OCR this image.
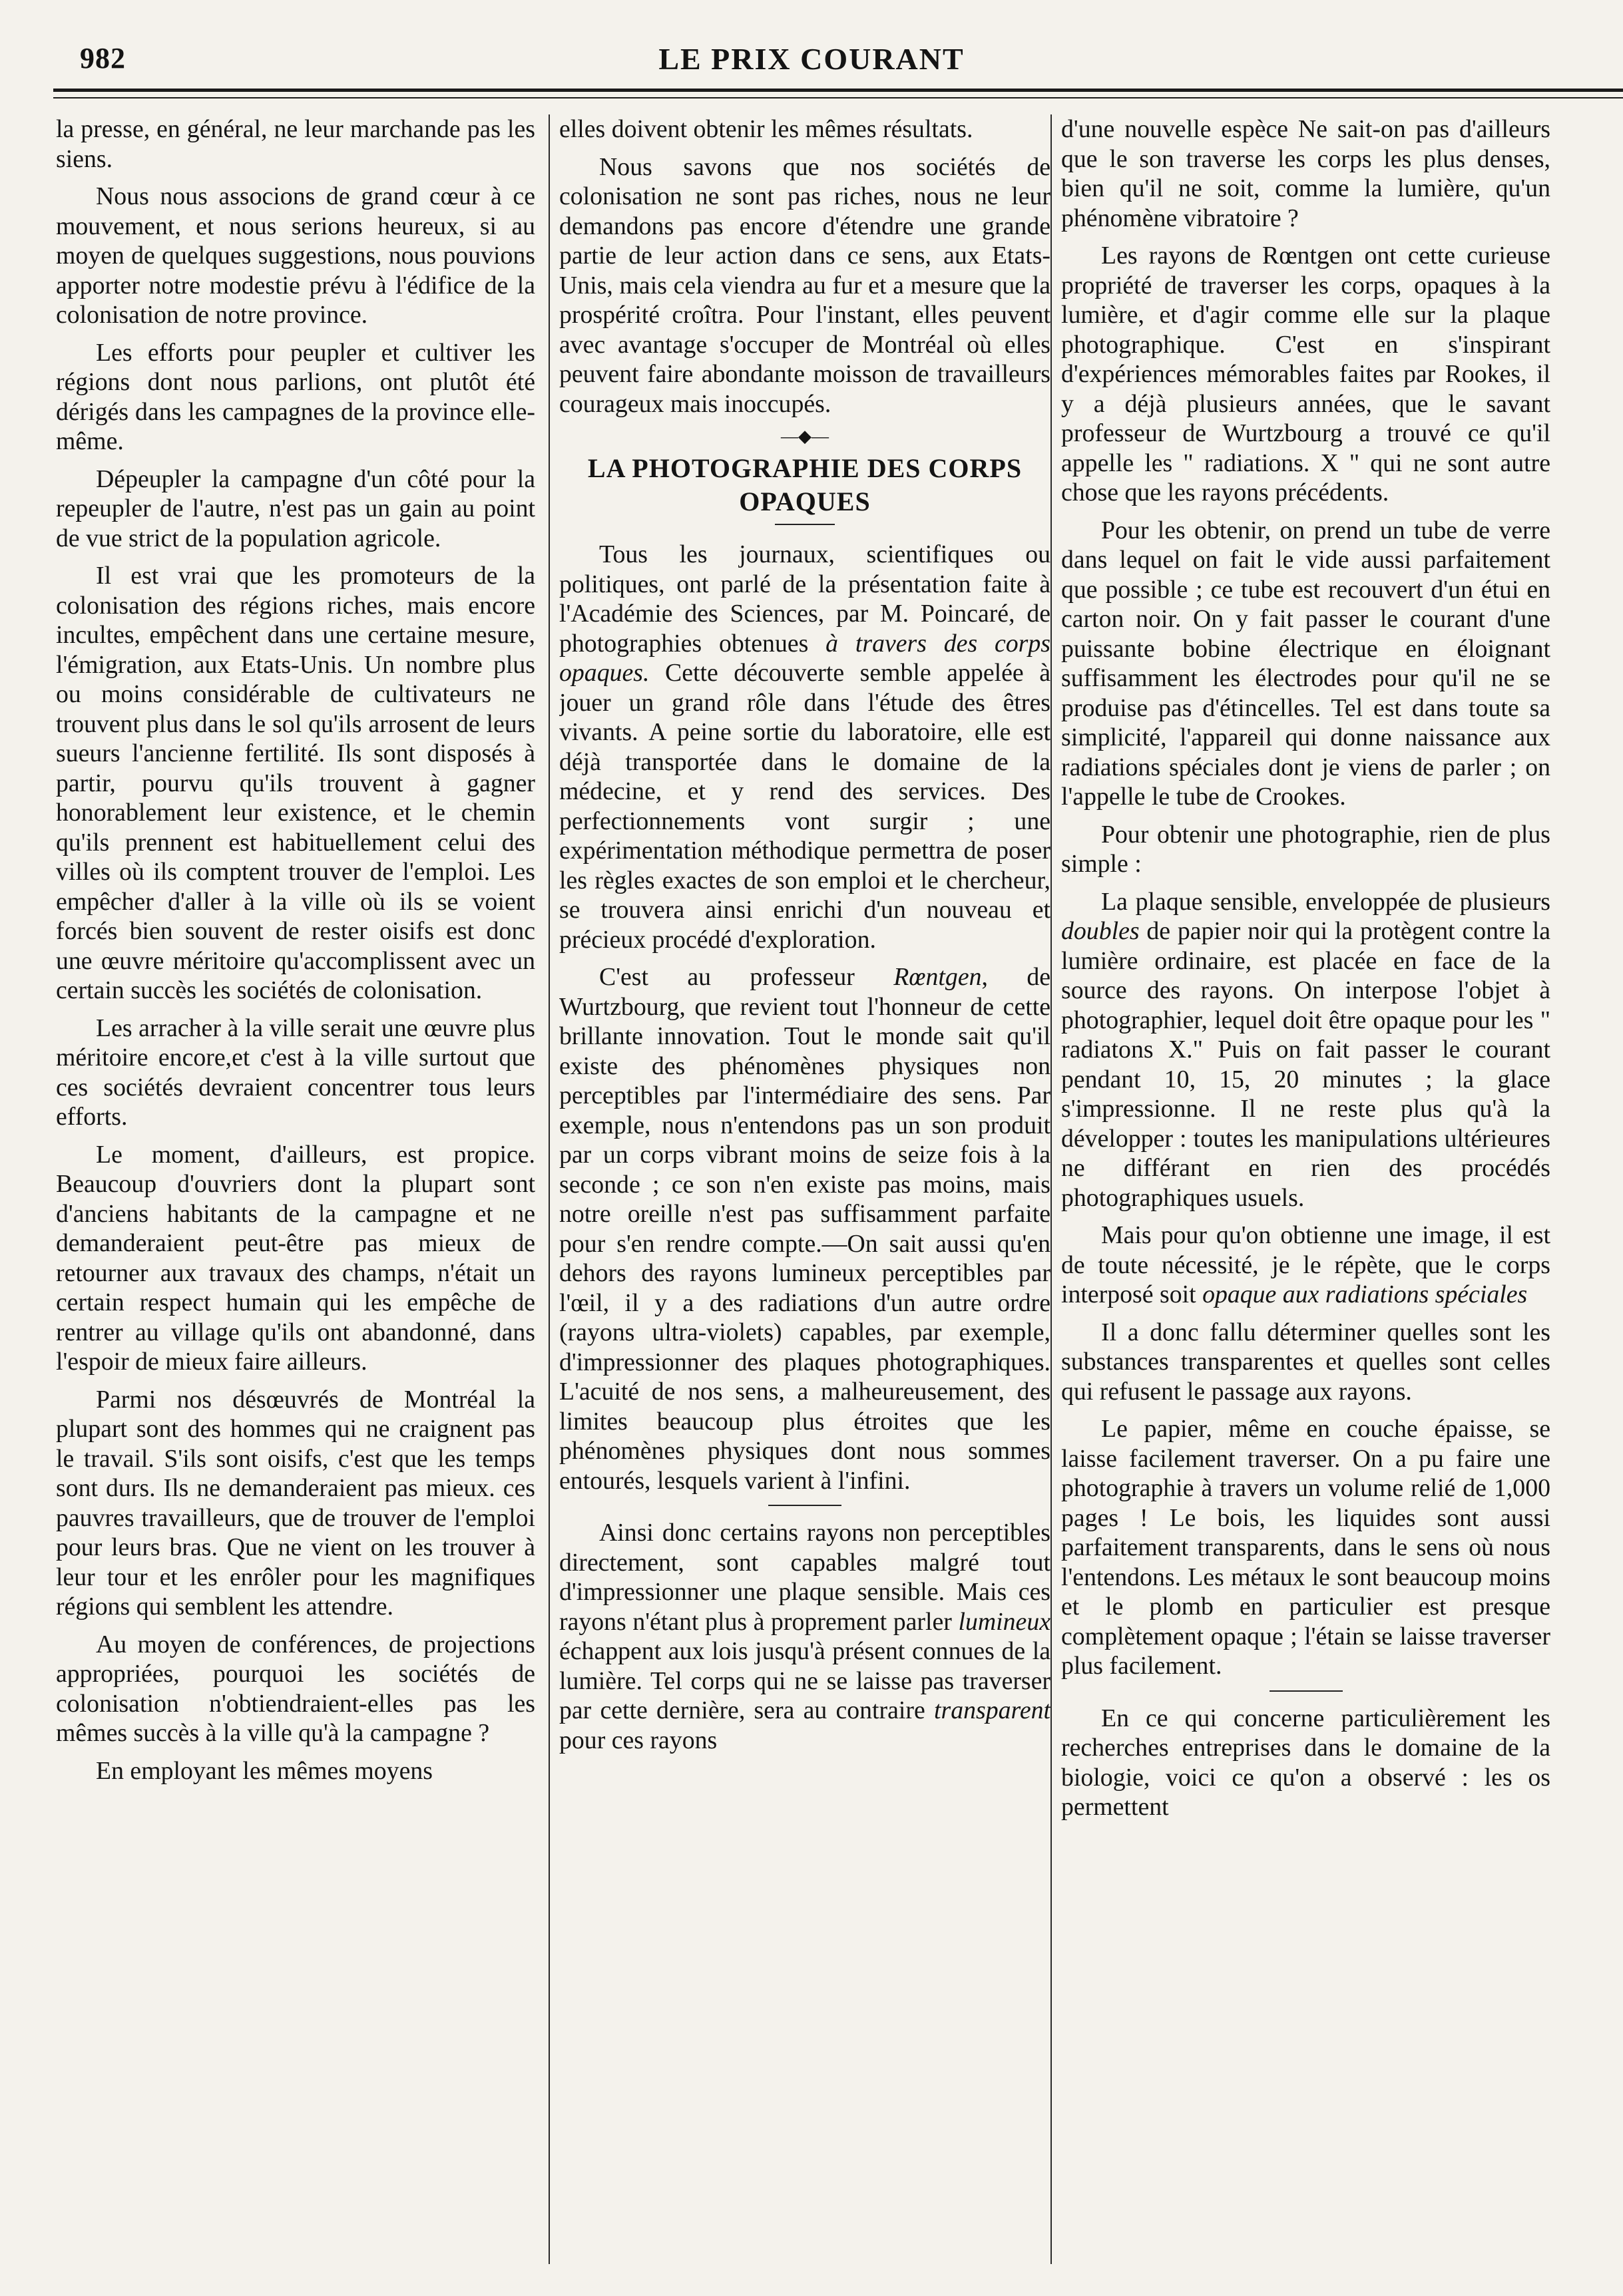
982	LE PRIX COURANT

la presse, en général, ne leur marchande pas les siens.

Nous nous associons de grand cœur à ce mouvement, et nous serions heureux, si au moyen de quelques suggestions, nous pouvions apporter notre modestie prévu à l'édifice de la colonisation de notre province.

Les efforts pour peupler et cultiver les régions dont nous parlions, ont plutôt été dérigés dans les campagnes de la province elle-même.

Dépeupler la campagne d'un côté pour la repeupler de l'autre, n'est pas un gain au point de vue strict de la population agricole.

Il est vrai que les promoteurs de la colonisation des régions riches, mais encore incultes, empêchent dans une certaine mesure, l'émigration, aux Etats-Unis. Un nombre plus ou moins considérable de cultivateurs ne trouvent plus dans le sol qu'ils arrosent de leurs sueurs l'ancienne fertilité. Ils sont disposés à partir, pourvu qu'ils trouvent à gagner honorablement leur existence, et le chemin qu'ils prennent est habituellement celui des villes où ils comptent trouver de l'emploi. Les empêcher d'aller à la ville où ils se voient forcés bien souvent de rester oisifs est donc une œuvre méritoire qu'accomplissent avec un certain succès les sociétés de colonisation.

Les arracher à la ville serait une œuvre plus méritoire encore,et c'est à la ville surtout que ces sociétés devraient concentrer tous leurs efforts.

Le moment, d'ailleurs, est propice. Beaucoup d'ouvriers dont la plupart sont d'anciens habitants de la campagne et ne demanderaient peut-être pas mieux de retourner aux travaux des champs, n'était un certain respect humain qui les empêche de rentrer au village qu'ils ont abandonné, dans l'espoir de mieux faire ailleurs.

Parmi nos désœuvrés de Montréal la plupart sont des hommes qui ne craignent pas le travail. S'ils sont oisifs, c'est que les temps sont durs. Ils ne demanderaient pas mieux. ces pauvres travailleurs, que de trouver de l'emploi pour leurs bras. Que ne vient on les trouver à leur tour et les enrôler pour les magnifiques régions qui semblent les attendre.

Au moyen de conférences, de projections appropriées, pourquoi les sociétés de colonisation n'obtiendraient-elles pas les mêmes succès à la ville qu'à la campagne ?

En employant les mêmes moyens

elles doivent obtenir les mêmes résultats.

Nous savons que nos sociétés de colonisation ne sont pas riches, nous ne leur demandons pas encore d'étendre une grande partie de leur action dans ce sens, aux Etats-Unis, mais cela viendra au fur et a mesure que la prospérité croîtra. Pour l'instant, elles peuvent avec avantage s'occuper de Montréal où elles peuvent faire abondante moisson de travailleurs courageux mais inoccupés.

—◆—
LA PHOTOGRAPHIE DES CORPS OPAQUES

Tous les journaux, scientifiques ou politiques, ont parlé de la présentation faite à l'Académie des Sciences, par M. Poincaré, de photographies obtenues à travers des corps opaques. Cette découverte semble appelée à jouer un grand rôle dans l'étude des êtres vivants. A peine sortie du laboratoire, elle est déjà transportée dans le domaine de la médecine, et y rend des services. Des perfectionnements vont surgir ; une expérimentation méthodique permettra de poser les règles exactes de son emploi et le chercheur, se trouvera ainsi enrichi d'un nouveau et précieux procédé d'exploration.

C'est au professeur Rœntgen, de Wurtzbourg, que revient tout l'honneur de cette brillante innovation. Tout le monde sait qu'il existe des phénomènes physiques non perceptibles par l'intermédiaire des sens. Par exemple, nous n'entendons pas un son produit par un corps vibrant moins de seize fois à la seconde ; ce son n'en existe pas moins, mais notre oreille n'est pas suffisamment parfaite pour s'en rendre compte.—On sait aussi qu'en dehors des rayons lumineux perceptibles par l'œil, il y a des radiations d'un autre ordre (rayons ultra-violets) capables, par exemple, d'impressionner des plaques photographiques. L'acuité de nos sens, a malheureusement, des limites beaucoup plus étroites que les phénomènes physiques dont nous sommes entourés, lesquels varient à l'infini.

Ainsi donc certains rayons non perceptibles directement, sont capables malgré tout d'impressionner une plaque sensible. Mais ces rayons n'étant plus à proprement parler lumineux échappent aux lois jusqu'à présent connues de la lumière. Tel corps qui ne se laisse pas traverser par cette dernière, sera au contraire transparent pour ces rayons

d'une nouvelle espèce Ne sait-on pas d'ailleurs que le son traverse les corps les plus denses, bien qu'il ne soit, comme la lumière, qu'un phénomène vibratoire ?

Les rayons de Rœntgen ont cette curieuse propriété de traverser les corps, opaques à la lumière, et d'agir comme elle sur la plaque photographique. C'est en s'inspirant d'expériences mémorables faites par Rookes, il y a déjà plusieurs années, que le savant professeur de Wurtzbourg a trouvé ce qu'il appelle les " radiations. X " qui ne sont autre chose que les rayons précédents.

Pour les obtenir, on prend un tube de verre dans lequel on fait le vide aussi parfaitement que possible ; ce tube est recouvert d'un étui en carton noir. On y fait passer le courant d'une puissante bobine électrique en éloignant suffisamment les électrodes pour qu'il ne se produise pas d'étincelles. Tel est dans toute sa simplicité, l'appareil qui donne naissance aux radiations spéciales dont je viens de parler ; on l'appelle le tube de Crookes.

Pour obtenir une photographie, rien de plus simple :

La plaque sensible, enveloppée de plusieurs doubles de papier noir qui la protègent contre la lumière ordinaire, est placée en face de la source des rayons. On interpose l'objet à photographier, lequel doit être opaque pour les " radiatons X." Puis on fait passer le courant pendant 10, 15, 20 minutes ; la glace s'impressionne. Il ne reste plus qu'à la développer : toutes les manipulations ultérieures ne différant en rien des procédés photographiques usuels.

Mais pour qu'on obtienne une image, il est de toute nécessité, je le répète, que le corps interposé soit opaque aux radiations spéciales

Il a donc fallu déterminer quelles sont les substances transparentes et quelles sont celles qui refusent le passage aux rayons.

Le papier, même en couche épaisse, se laisse facilement traverser. On a pu faire une photographie à travers un volume relié de 1,000 pages ! Le bois, les liquides sont aussi parfaitement transparents, dans le sens où nous l'entendons. Les métaux le sont beaucoup moins et le plomb en particulier est presque complètement opaque ; l'étain se laisse traverser plus facilement.

En ce qui concerne particulièrement les recherches entreprises dans le domaine de la biologie, voici ce qu'on a observé : les os permettent
